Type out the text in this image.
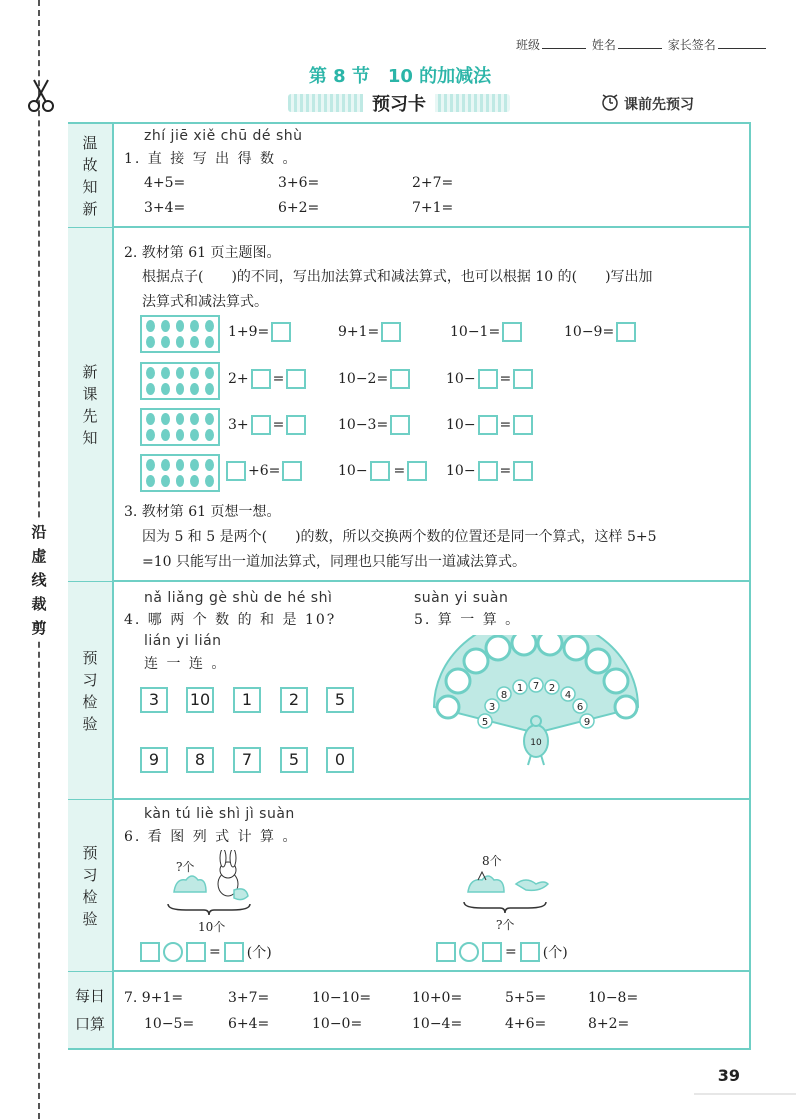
沿
虚
线
裁
剪
班级	姓名	家长签名
第 8 节　10 的加减法
预习卡	课前先预习
温
故
知
新
新
课
先
知
预
习
检
验
预
习
检
验
每日
口算
zhí jiē xiě chū dé shù
1. 直 接 写 出 得 数 。
4+5=	3+6=	2+7=
3+4=	6+2=	7+1=
2. 教材第 61 页主题图。
根据点子(　　)的不同，写出加法算式和减法算式，也可以根据 10 的(　　)写出加
法算式和减法算式。
1+9=	9+1=	10−1=	10−9=
2+ =	10−2=	10− =
3+ =	10−3=	10− =
+6=	10− =	10− =
3. 教材第 61 页想一想。
因为 5 和 5 是两个(　　)的数，所以交换两个数的位置还是同一个算式，这样 5+5
=10 只能写出一道加法算式，同理也只能写出一道减法算式。
nǎ liǎng gè shù de hé shì
4. 哪 两 个 数 的 和 是 10?
lián yi lián
连 一 连 。
3	10	1	2	5
9	8	7	5	0
suàn yi suàn
5. 算 一 算 。
5
3
8
1 7 2
4
6
9
10
kàn tú liè shì jì suàn
6. 看 图 列 式 计 算 。
?个
10个
= (个)
8个
?个
= (个)
7. 9+1=	3+7=	10−10=	10+0=	5+5=	10−8=
10−5= 6+4=	10−0=	10−4=	4+6=	8+2=
39
